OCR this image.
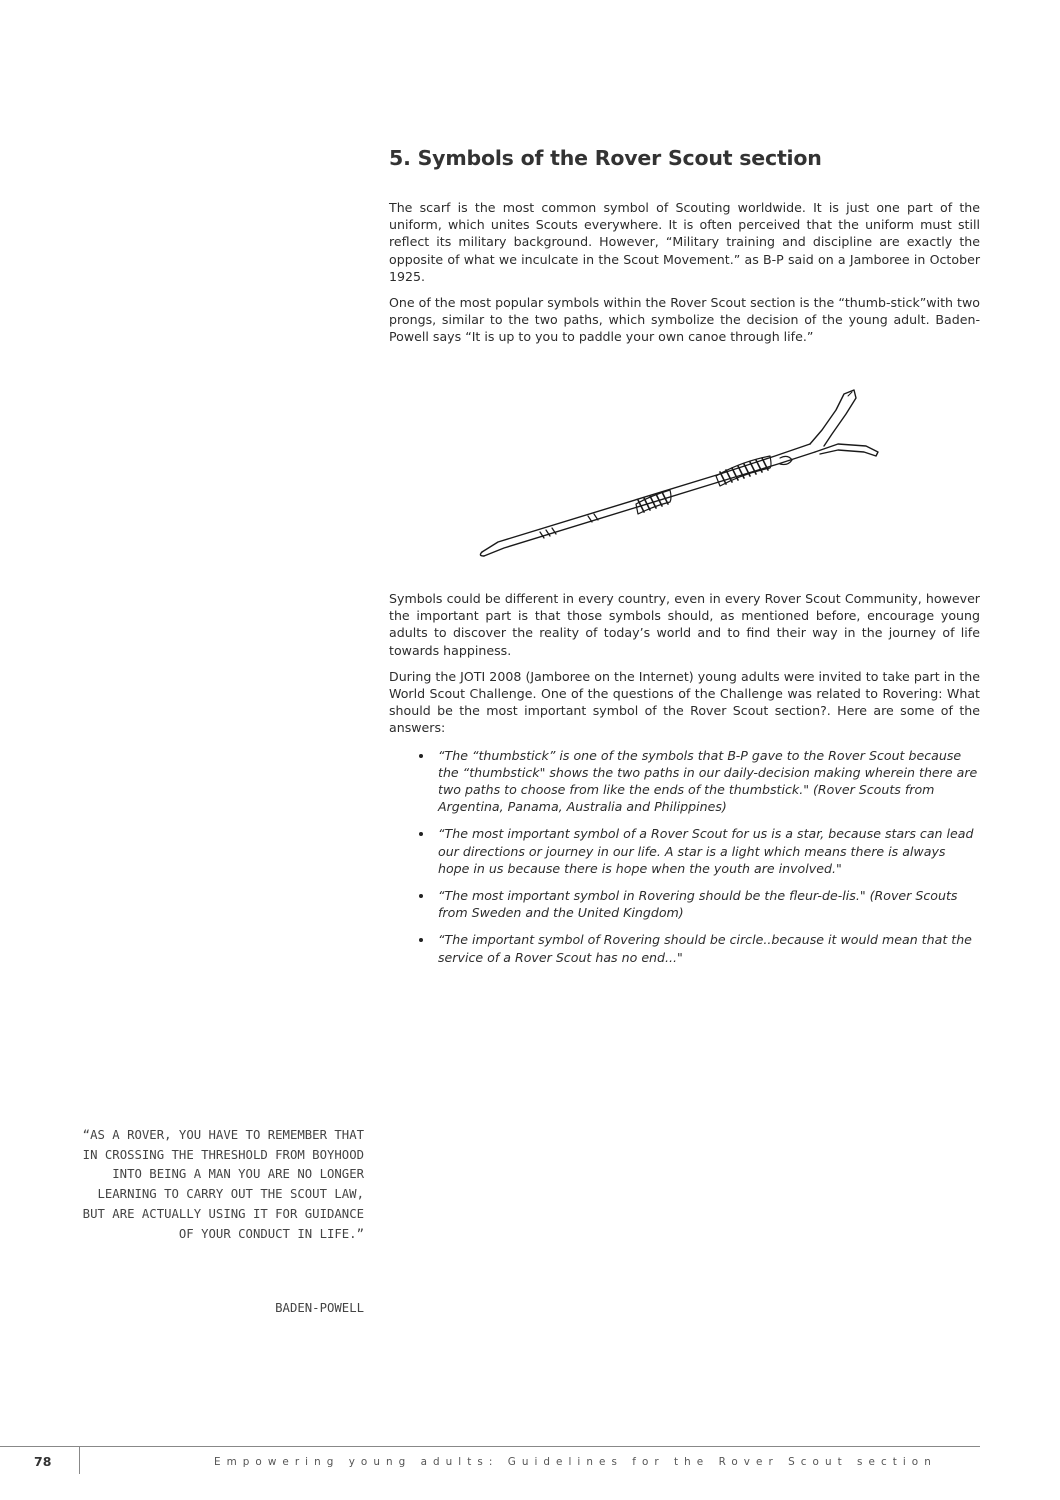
5. Symbols of the Rover Scout section

The scarf is the most common symbol of Scouting worldwide. It is just one part of the uniform, which unites Scouts everywhere. It is often perceived that the uniform must still reflect its military background. However, “Military training and discipline are exactly the opposite of what we inculcate in the Scout Movement.” as B-P said on a Jamboree in October 1925.

One of the most popular symbols within the Rover Scout section is the “thumb-stick”with two prongs, similar to the two paths, which symbolize the decision of the young adult. Baden-Powell says “It is up to you to paddle your own canoe through life.”

Symbols could be different in every country, even in every Rover Scout Community, however the important part is that those symbols should, as mentioned before, encourage young adults to discover the reality of today’s world and to find their way in the journey of life towards happiness.

During the JOTI 2008 (Jamboree on the Internet) young adults were invited to take part in the World Scout Challenge. One of the questions of the Challenge was related to Rovering: What should be the most important symbol of the Rover Scout section?. Here are some of the answers:

“The “thumbstick” is one of the symbols that B-P gave to the Rover Scout because the “thumbstick" shows the two paths in our daily-decision making wherein there are two paths to choose from like the ends of the thumbstick." (Rover Scouts from Argentina, Panama, Australia and Philippines)
“The most important symbol of a Rover Scout for us is a star, because stars can lead our directions or journey in our life. A star is a light which means there is always hope in us because there is hope when the youth are involved."
“The most important symbol in Rovering should be the fleur-de-lis." (Rover Scouts from Sweden and the United Kingdom)
“The important symbol of Rovering should be circle..because it would mean that the service of a Rover Scout has no end..."

“AS A ROVER, YOU HAVE TO REMEMBER THAT IN CROSSING THE THRESHOLD FROM BOYHOOD INTO BEING A MAN YOU ARE NO LONGER LEARNING TO CARRY OUT THE SCOUT LAW, BUT ARE ACTUALLY USING IT FOR GUIDANCE OF YOUR CONDUCT IN LIFE.”

BADEN-POWELL

78	Empowering young adults: Guidelines for the Rover Scout section
